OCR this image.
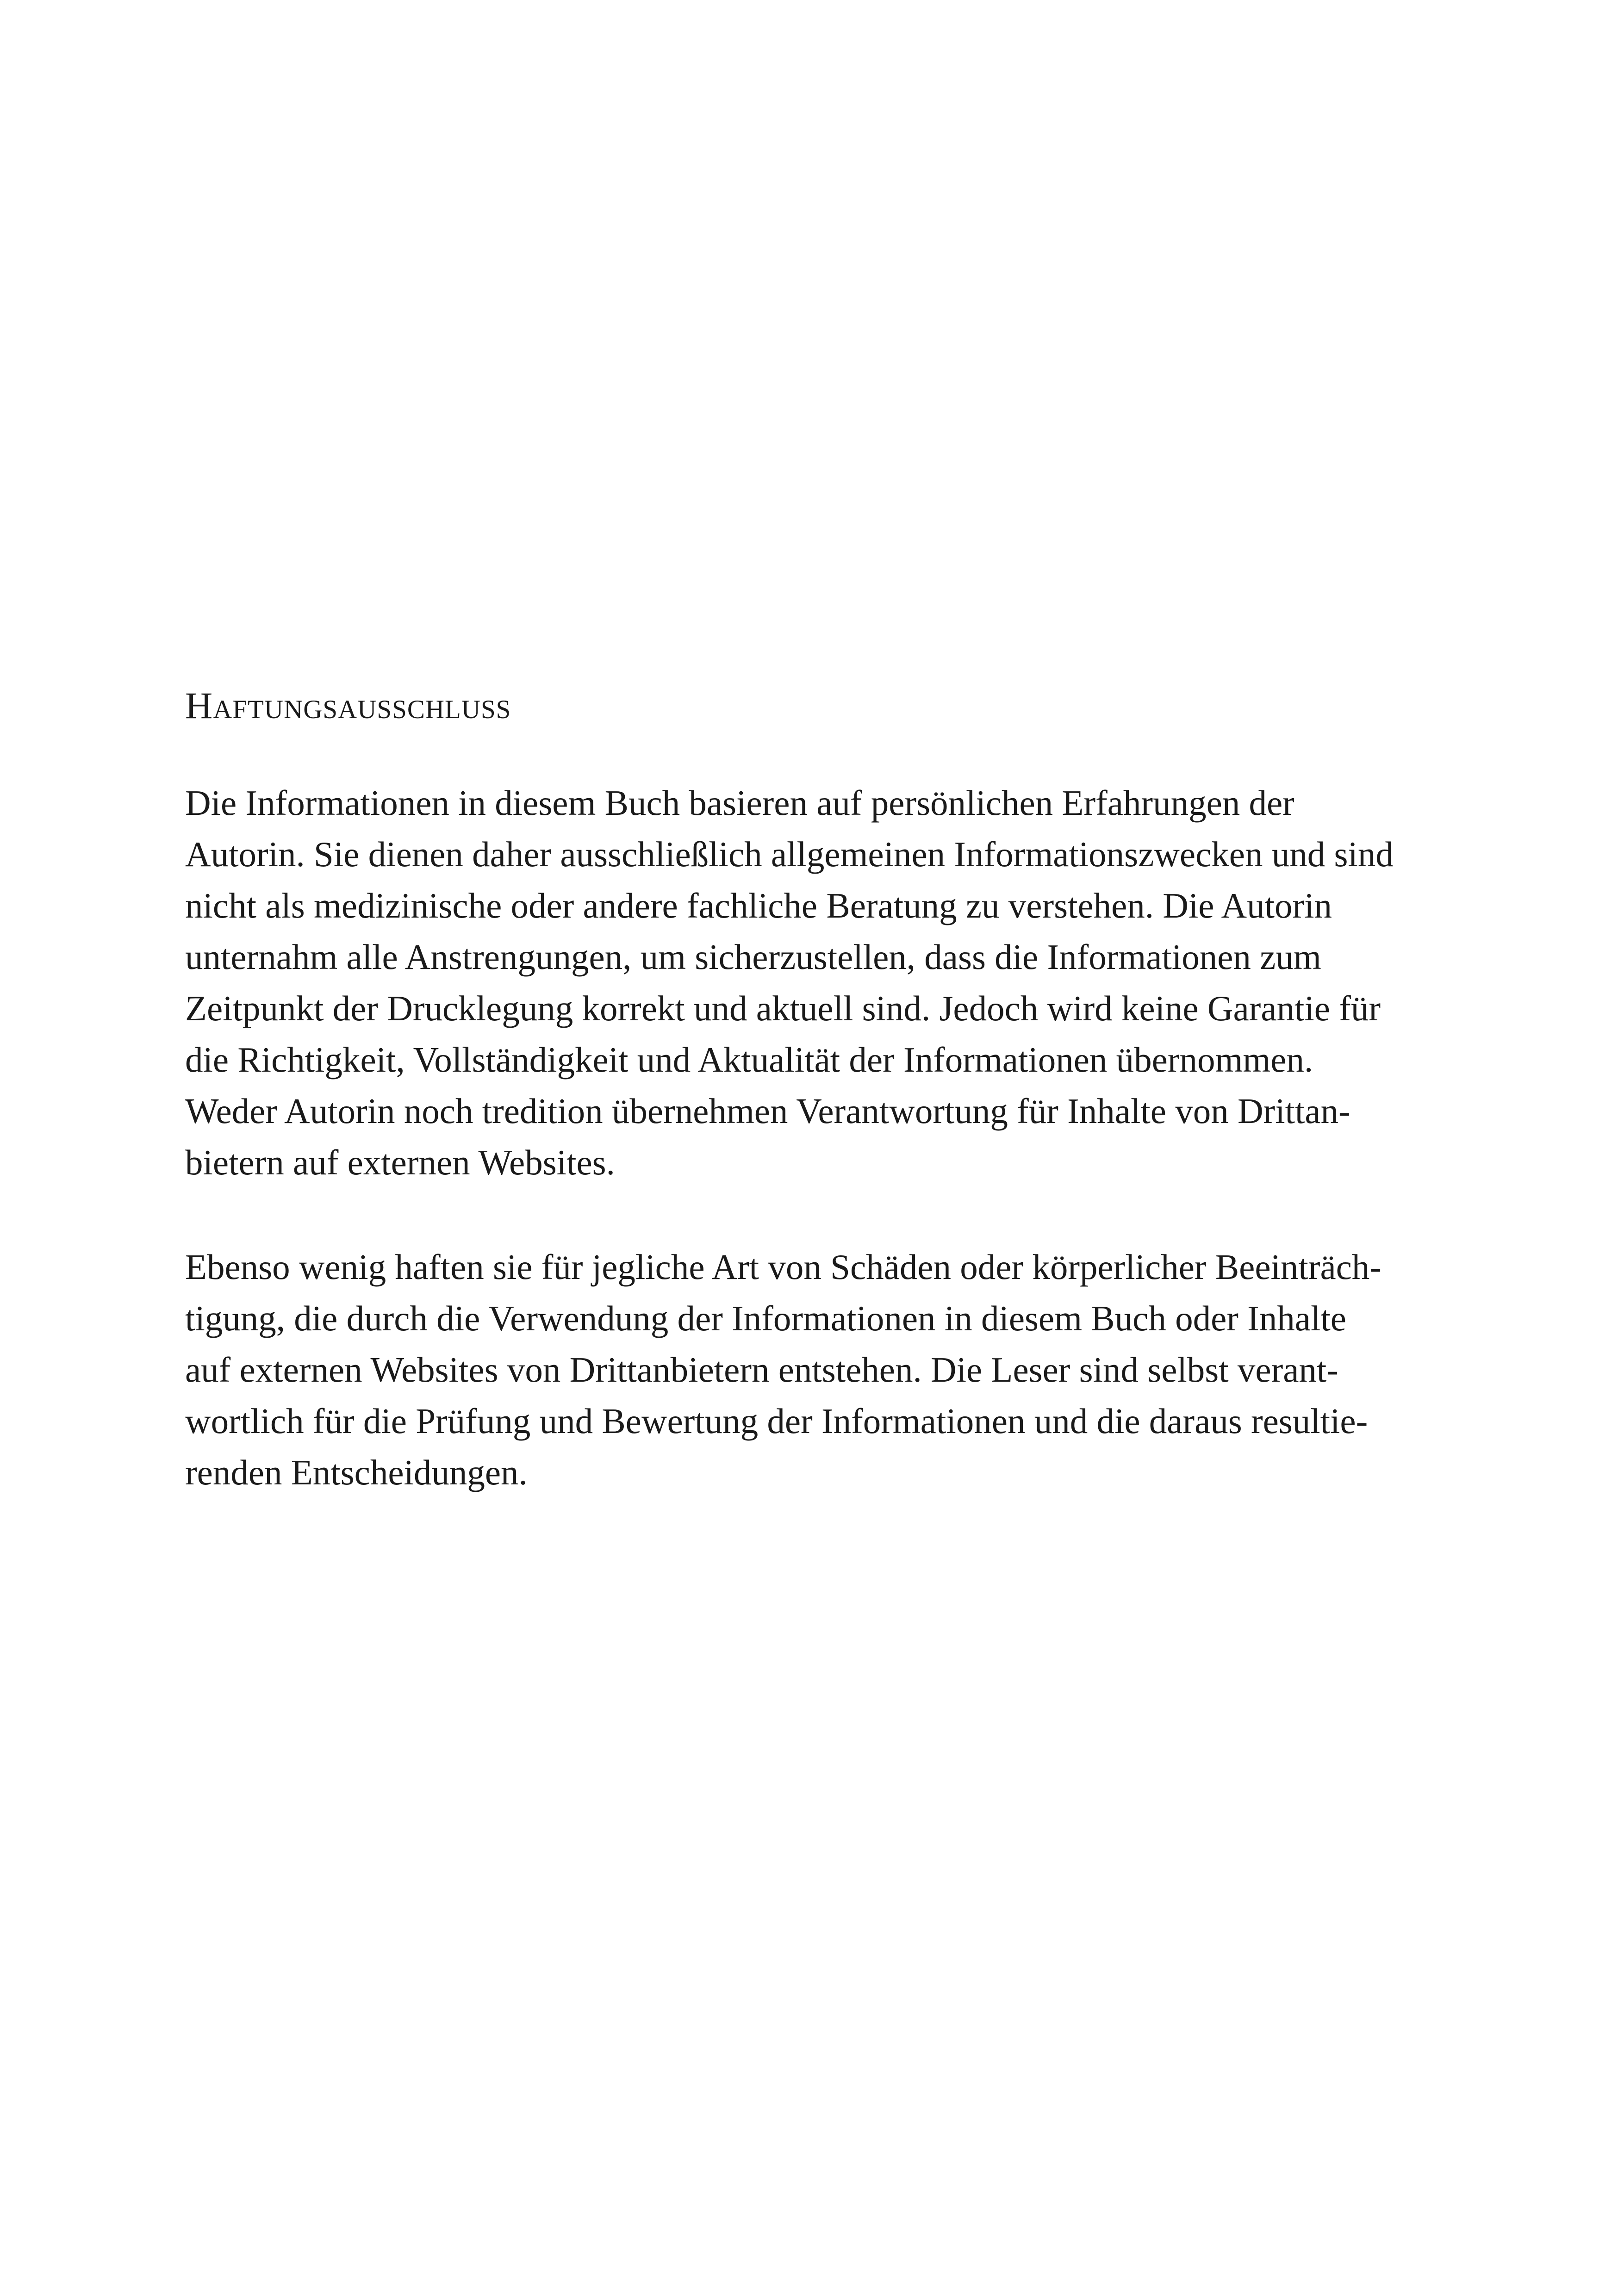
Haftungsausschluss

Die Informationen in diesem Buch basieren auf persönlichen Erfahrungen der
Autorin. Sie dienen daher ausschließlich allgemeinen Informationszwecken und sind
nicht als medizinische oder andere fachliche Beratung zu verstehen. Die Autorin
unternahm alle Anstrengungen, um sicherzustellen, dass die Informationen zum
Zeitpunkt der Drucklegung korrekt und aktuell sind. Jedoch wird keine Garantie für
die Richtigkeit, Vollständigkeit und Aktualität der Informationen übernommen.
Weder Autorin noch tredition übernehmen Verantwortung für Inhalte von Drittan-
bietern auf externen Websites.

Ebenso wenig haften sie für jegliche Art von Schäden oder körperlicher Beeinträch-
tigung, die durch die Verwendung der Informationen in diesem Buch oder Inhalte
auf externen Websites von Drittanbietern entstehen. Die Leser sind selbst verant-
wortlich für die Prüfung und Bewertung der Informationen und die daraus resultie-
renden Entscheidungen.
